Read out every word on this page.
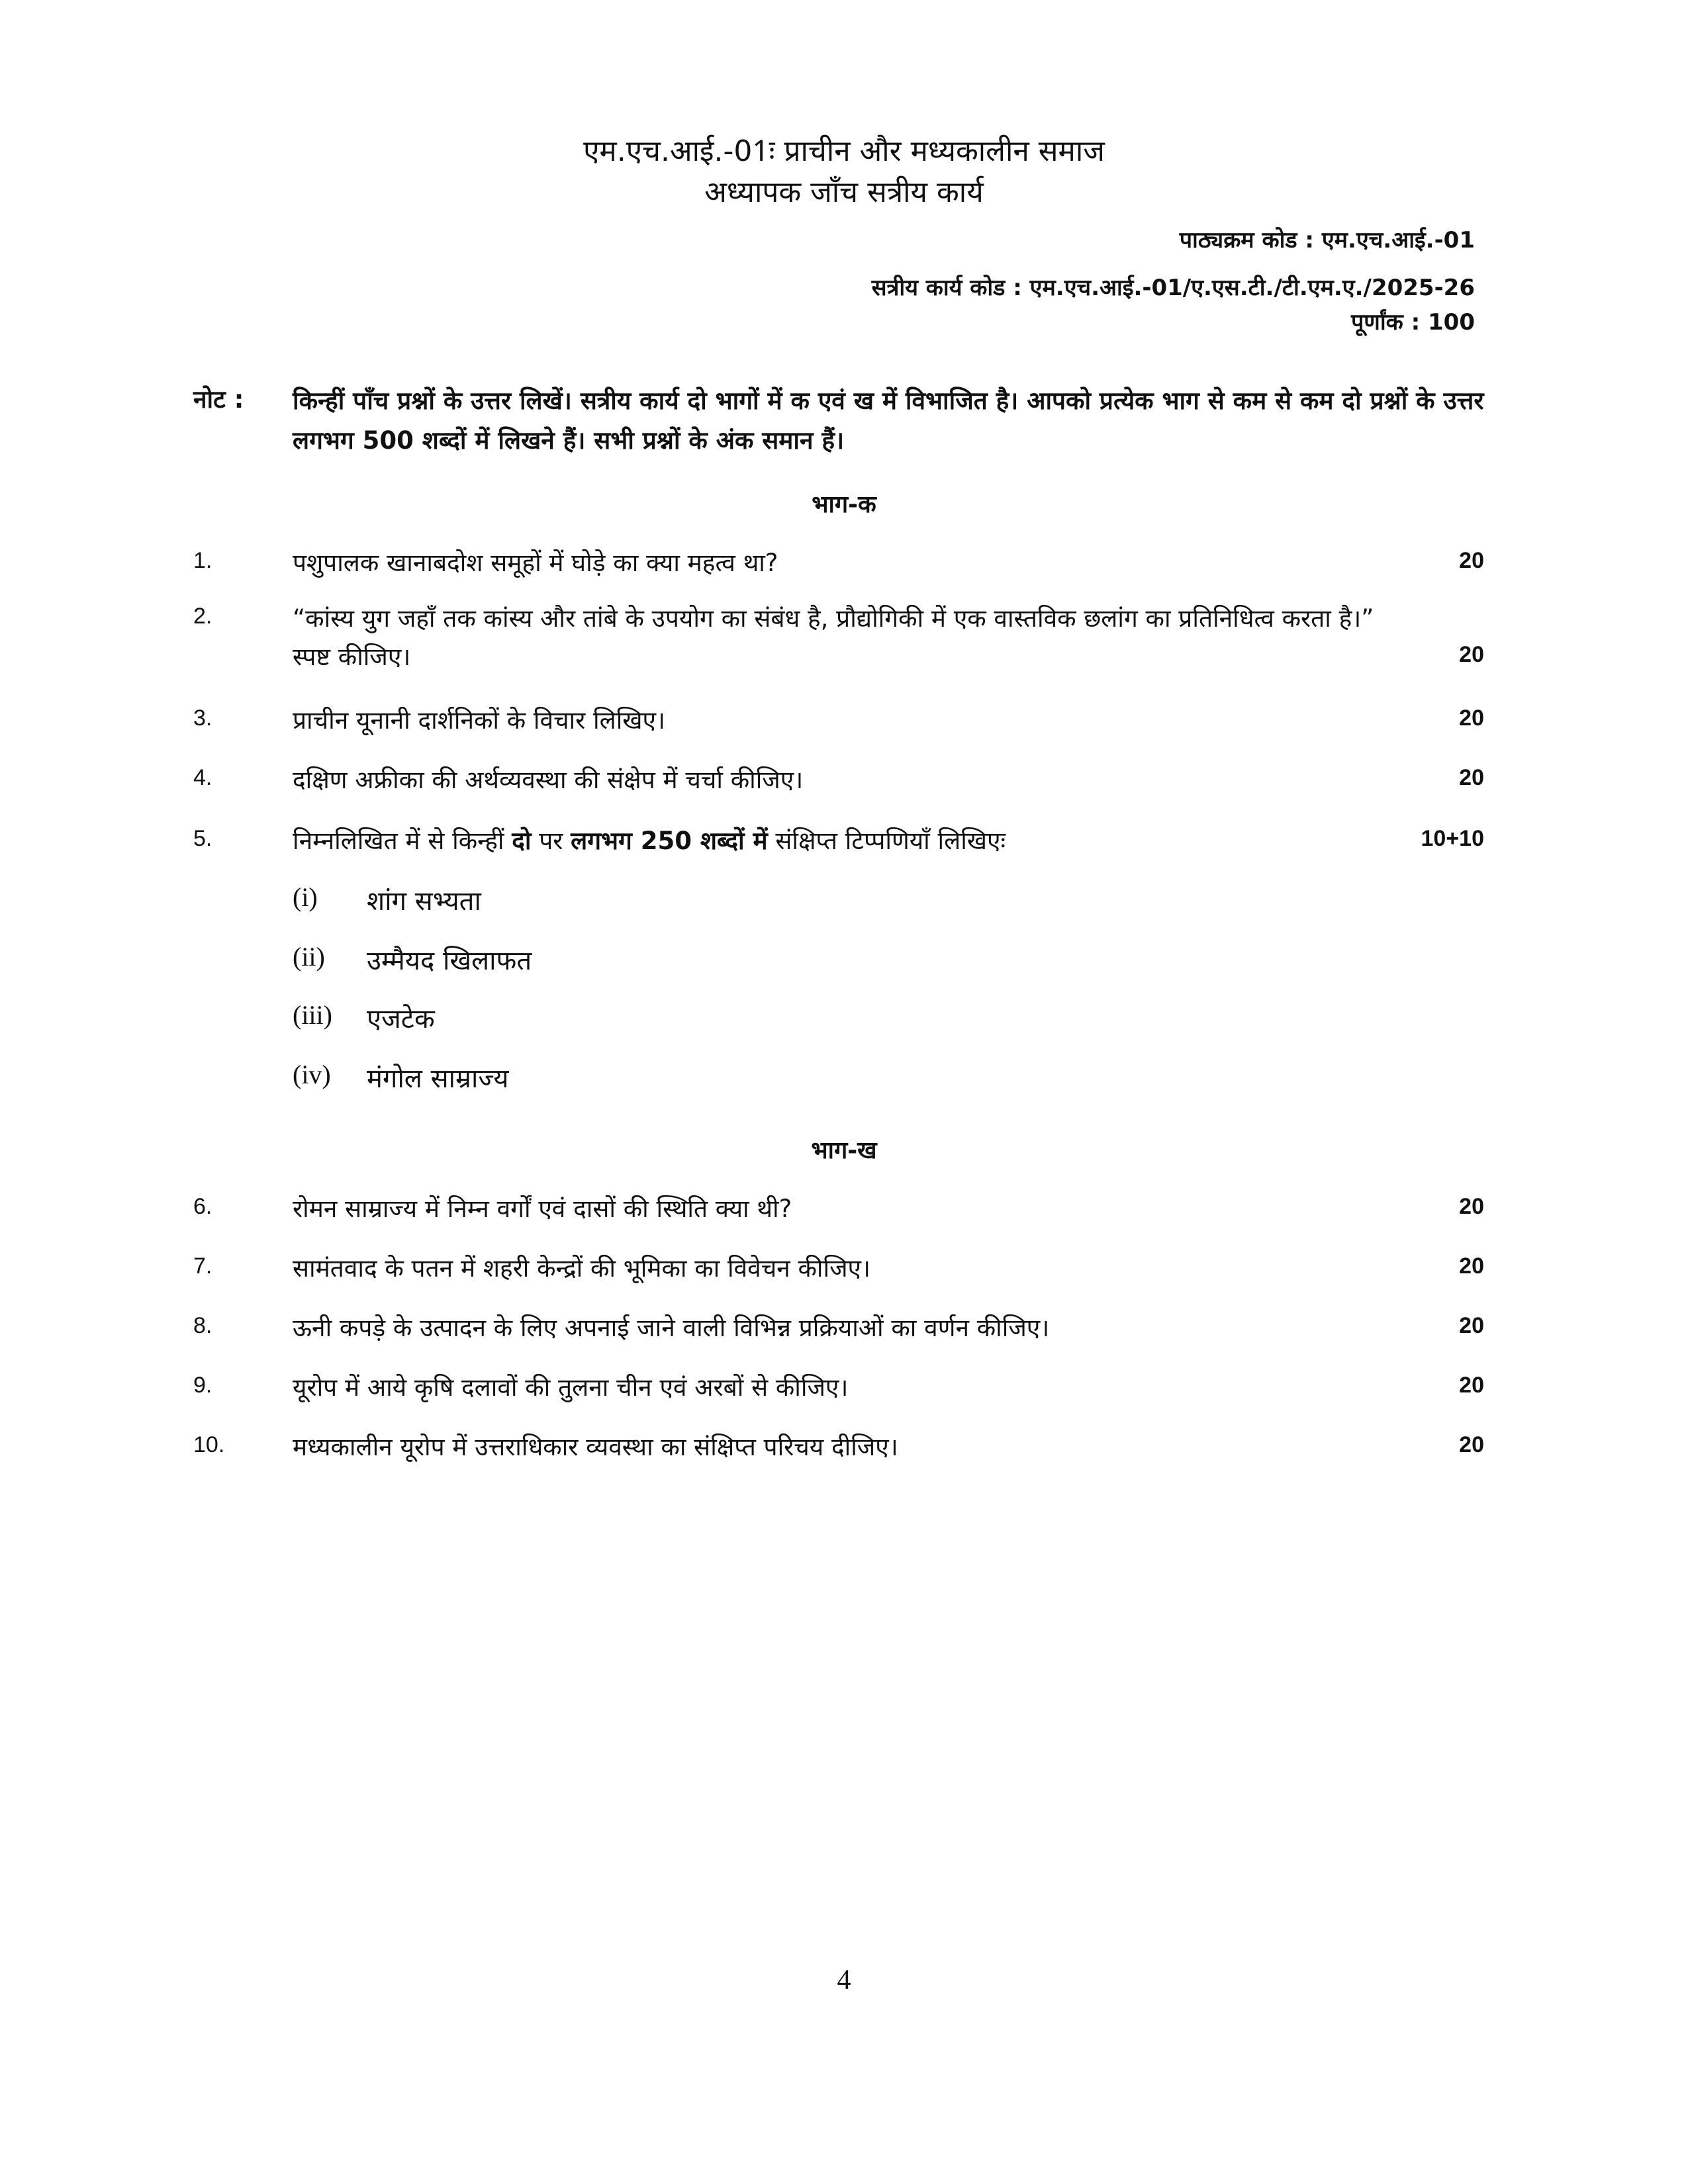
एम.एच.आई.-01ः प्राचीन और मध्यकालीन समाज
अध्यापक जाँच सत्रीय कार्य
पाठ्यक्रम कोड : एम.एच.आई.-01
सत्रीय कार्य कोड : एम.एच.आई.-01/ए.एस.टी./टी.एम.ए./2025-26
पूर्णांक : 100
नोट : किन्हीं पाँच प्रश्नों के उत्तर लिखें। सत्रीय कार्य दो भागों में क एवं ख में विभाजित है। आपको प्रत्येक भाग से कम से कम दो प्रश्नों के उत्तर लगभग 500 शब्दों में लिखने हैं। सभी प्रश्नों के अंक समान हैं।
भाग-क
1.	पशुपालक खानाबदोश समूहों में घोड़े का क्या महत्व था?	20
2.	“कांस्य युग जहाँ तक कांस्य और तांबे के उपयोग का संबंध है, प्रौद्योगिकी में एक वास्तविक छलांग का प्रतिनिधित्व करता है।” स्पष्ट कीजिए।	20
3.	प्राचीन यूनानी दार्शनिकों के विचार लिखिए।	20
4.	दक्षिण अफ्रीका की अर्थव्यवस्था की संक्षेप में चर्चा कीजिए।	20
5.	निम्नलिखित में से किन्हीं दो पर लगभग 250 शब्दों में संक्षिप्त टिप्पणियाँ लिखिएः	10+10
(i) शांग सभ्यता
(ii) उम्मैयद खिलाफत
(iii) एजटेक
(iv) मंगोल साम्राज्य
भाग-ख
6.	रोमन साम्राज्य में निम्न वर्गों एवं दासों की स्थिति क्या थी?	20
7.	सामंतवाद के पतन में शहरी केन्द्रों की भूमिका का विवेचन कीजिए।	20
8.	ऊनी कपड़े के उत्पादन के लिए अपनाई जाने वाली विभिन्न प्रक्रियाओं का वर्णन कीजिए।	20
9.	यूरोप में आये कृषि दलावों की तुलना चीन एवं अरबों से कीजिए।	20
10.	मध्यकालीन यूरोप में उत्तराधिकार व्यवस्था का संक्षिप्त परिचय दीजिए।	20
4
